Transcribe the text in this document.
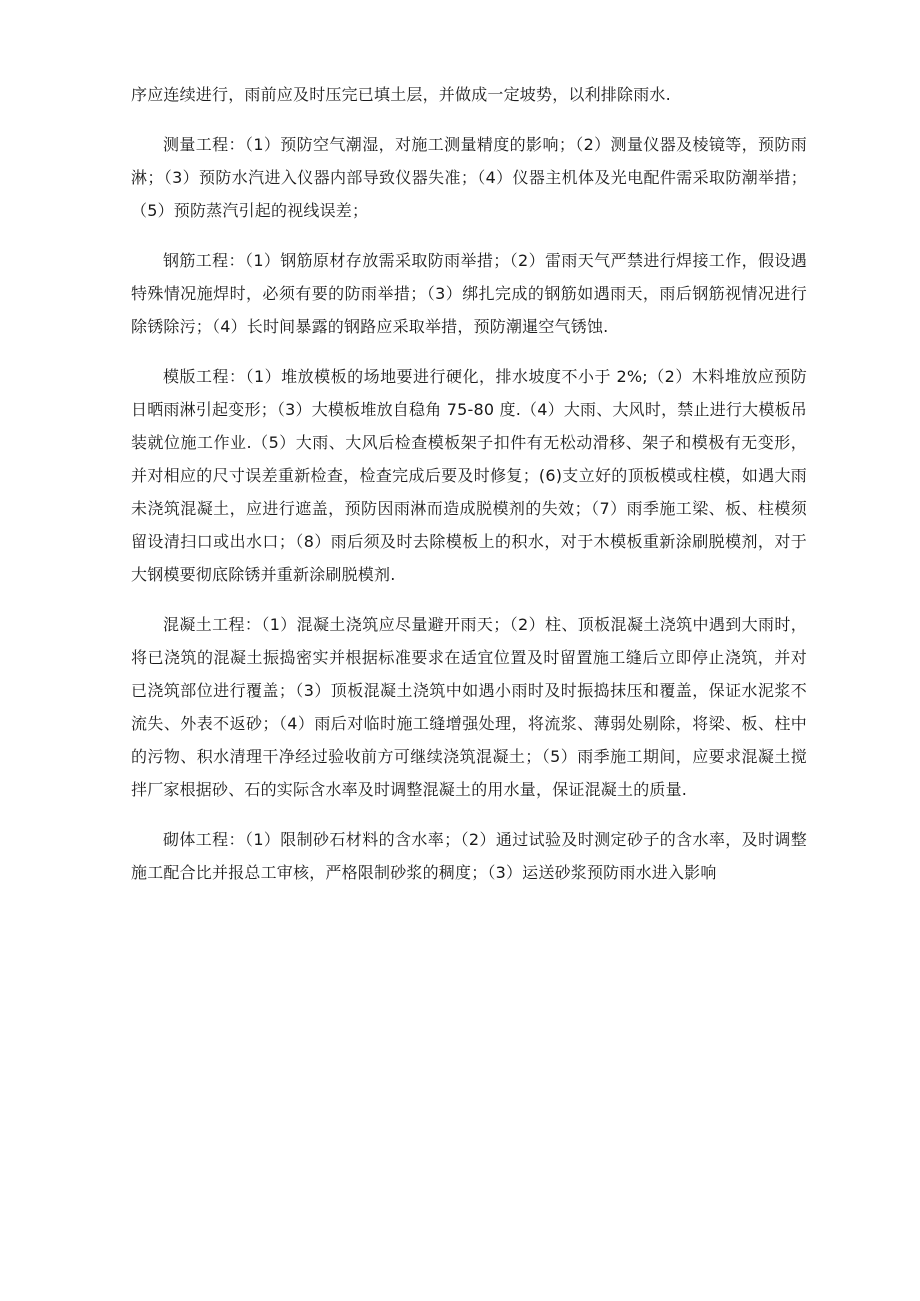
序应连续进行，雨前应及时压完已填土层，并做成一定坡势，以利排除雨水.

测量工程：（1）预防空气潮湿，对施工测量精度的影响；（2）测量仪器及棱镜等，预防雨淋；（3）预防水汽进入仪器内部导致仪器失准；（4）仪器主机体及光电配件需采取防潮举措；（5）预防蒸汽引起的视线误差；

钢筋工程：（1）钢筋原材存放需采取防雨举措；（2）雷雨天气严禁进行焊接工作，假设遇特殊情况施焊时，必须有要的防雨举措；（3）绑扎完成的钢筋如遇雨天，雨后钢筋视情况进行除锈除污；（4）长时间暴露的钢路应采取举措，预防潮暹空气锈蚀.

模版工程：（1）堆放模板的场地要进行硬化，排水坡度不小于 2%;（2）木料堆放应预防日晒雨淋引起变形；（3）大模板堆放自稳角 75-80 度.（4）大雨、大风时，禁止进行大模板吊装就位施工作业.（5）大雨、大风后检查模板架子扣件有无松动滑移、架子和模极有无变形，并对相应的尺寸误差重新检查，检查完成后要及时修复；(6)支立好的顶板模或柱模，如遇大雨未浇筑混凝土，应进行遮盖，预防因雨淋而造成脱模剂的失效；（7）雨季施工梁、板、柱模须留设清扫口或出水口；（8）雨后须及时去除模板上的积水，对于木模板重新涂刷脱模剂，对于大钢模要彻底除锈并重新涂刷脱模剂.

混凝土工程：（1）混凝土浇筑应尽量避开雨天；（2）柱、顶板混凝土浇筑中遇到大雨时，将已浇筑的混凝土振捣密实并根据标准要求在适宜位置及时留置施工缝后立即停止浇筑，并对已浇筑部位进行覆盖；（3）顶板混凝土浇筑中如遇小雨时及时振捣抹压和覆盖，保证水泥浆不流失、外表不返砂；（4）雨后对临时施工缝增强处理，将流浆、薄弱处剔除，将梁、板、柱中的污物、积水清理干净经过验收前方可继续浇筑混凝土；（5）雨季施工期间，应要求混凝土搅拌厂家根据砂、石的实际含水率及时调整混凝土的用水量，保证混凝土的质量.

砌体工程：（1）限制砂石材料的含水率；（2）通过试验及时测定砂子的含水率，及时调整施工配合比并报总工审核，严格限制砂浆的稠度；（3）运送砂浆预防雨水进入影响
